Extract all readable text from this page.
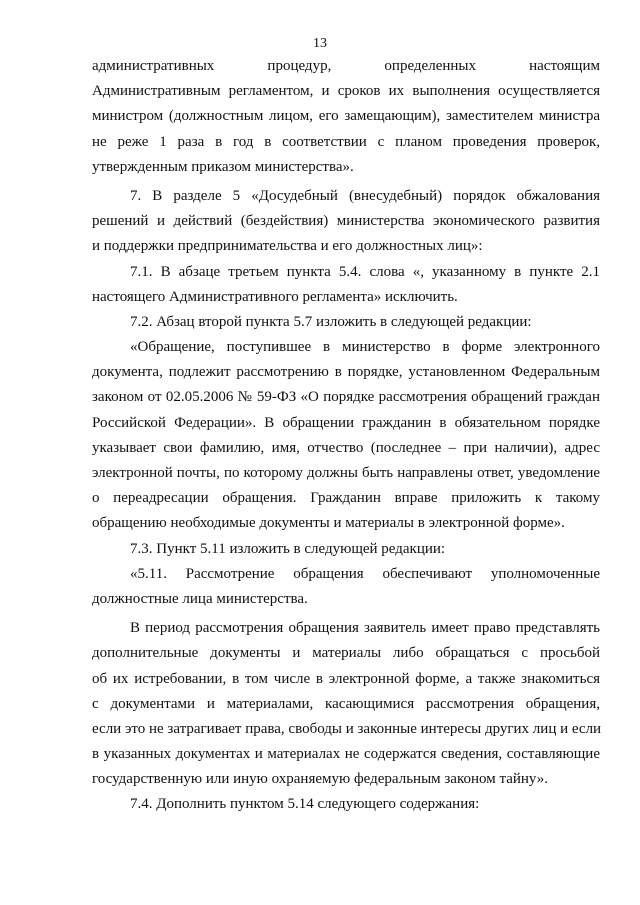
13
административных процедур, определенных настоящим
Административным регламентом, и сроков их выполнения осуществляется
министром (должностным лицом, его замещающим), заместителем министра
не реже 1 раза в год в соответствии с планом проведения проверок,
утвержденным приказом министерства».
7. В разделе 5 «Досудебный (внесудебный) порядок обжалования
решений и действий (бездействия) министерства экономического развития
и поддержки предпринимательства и его должностных лиц»:
7.1. В абзаце третьем пункта 5.4. слова «, указанному в пункте 2.1
настоящего Административного регламента» исключить.
7.2. Абзац второй пункта 5.7 изложить в следующей редакции:
«Обращение, поступившее в министерство в форме электронного
документа, подлежит рассмотрению в порядке, установленном Федеральным
законом от 02.05.2006 № 59-ФЗ «О порядке рассмотрения обращений граждан
Российской Федерации». В обращении гражданин в обязательном порядке
указывает свои фамилию, имя, отчество (последнее – при наличии), адрес
электронной почты, по которому должны быть направлены ответ, уведомление
о переадресации обращения. Гражданин вправе приложить к такому
обращению необходимые документы и материалы в электронной форме».
7.3. Пункт 5.11 изложить в следующей редакции:
«5.11. Рассмотрение обращения обеспечивают уполномоченные
должностные лица министерства.
В период рассмотрения обращения заявитель имеет право представлять
дополнительные документы и материалы либо обращаться с просьбой
об их истребовании, в том числе в электронной форме, а также знакомиться
с документами и материалами, касающимися рассмотрения обращения,
если это не затрагивает права, свободы и законные интересы других лиц и если
в указанных документах и материалах не содержатся сведения, составляющие
государственную или иную охраняемую федеральным законом тайну».
7.4. Дополнить пунктом 5.14 следующего содержания:
